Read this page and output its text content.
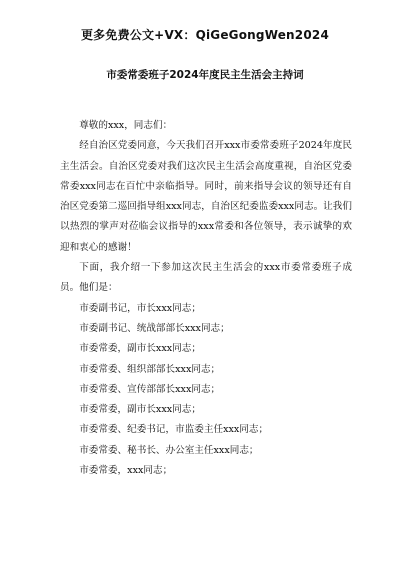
更多免费公文+VX：QiGeGongWen2024
市委常委班子2024年度民主生活会主持词

尊敬的xxx，同志们：

经自治区党委同意，今天我们召开xxx市委常委班子2024年度民主生活会。自治区党委对我们这次民主生活会高度重视，自治区党委常委xxx同志在百忙中亲临指导。同时，前来指导会议的领导还有自治区党委第二巡回指导组xxx同志，自治区纪委监委xxx同志。让我们以热烈的掌声对莅临会议指导的xxx常委和各位领导，表示诚挚的欢迎和衷心的感谢！

下面，我介绍一下参加这次民主生活会的xxx市委常委班子成员。他们是：

市委副书记，市长xxx同志；

市委副书记、统战部部长xxx同志；

市委常委，副市长xxx同志；

市委常委、组织部部长xxx同志；

市委常委、宣传部部长xxx同志；

市委常委，副市长xxx同志；

市委常委、纪委书记，市监委主任xxx同志；

市委常委、秘书长、办公室主任xxx同志；

市委常委，xxx同志；
